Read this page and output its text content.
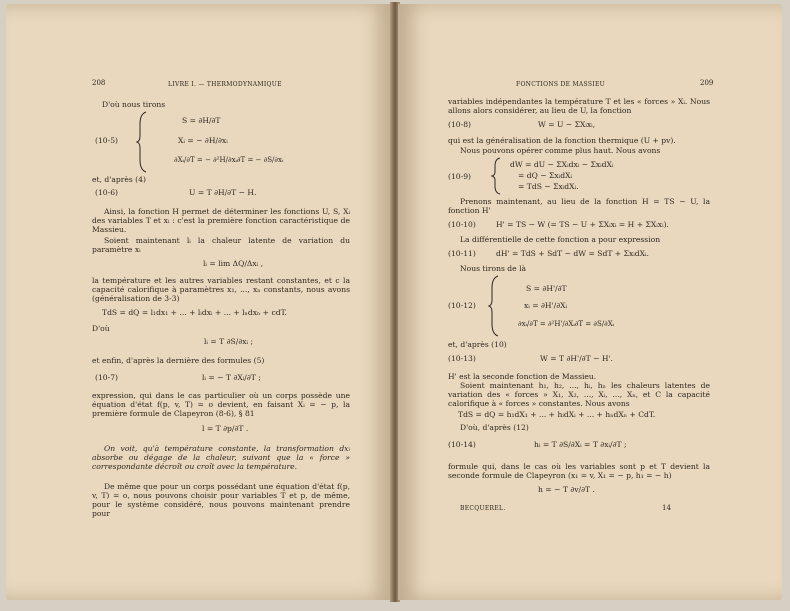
208	LIVRE I. — THERMODYNAMIQUE
D'où nous tirons
(10-5)
S = ∂H/∂T
Xᵢ = − ∂H/∂xᵢ
∂Xᵢ/∂T = − ∂²H/∂xᵢ∂T = − ∂S/∂xᵢ
et, d'après (4)
(10-6)	U = T ∂H/∂T − H.
Ainsi, la fonction H permet de déterminer les fonctions U, S, Xᵢ des variables T et xᵢ : c'est la première fonction caractéristique de Massieu.
Soient maintenant lᵢ la chaleur latente de variation du paramètre xᵢ
lᵢ = lim ΔQ/Δxᵢ ,
la température et les autres variables restant constantes, et c la capacité calorifique à paramètres x₁, ..., xₙ constants, nous avons (généralisation de 3-3)
TdS = dQ = l₁dx₁ + ... + lᵢdxᵢ + ... + lₙdxₙ + cdT.
D'où
lᵢ = T ∂S/∂xᵢ ;
et enfin, d'après la dernière des formules (5)
(10-7)	lᵢ = − T ∂Xᵢ/∂T ;
expression, qui dans le cas particulier où un corps possède une équation d'état f(p, v, T) = o devient, en faisant Xᵢ = − p, la première formule de Clapeyron (8-6), § 81
l = T ∂p/∂T .
On voit, qu'à température constante, la transformation dxᵢ absorbe ou dégage de la chaleur, suivant que la « force » correspondante décroît ou croît avec la température.
De même que pour un corps possédant une équation d'état f(p, v, T) = o, nous pouvons choisir pour variables T et p, de même, pour le système considéré, nous pouvons maintenant prendre pour
FONCTIONS DE MASSIEU	209
variables indépendantes la température T et les « forces » Xᵢ. Nous allons alors considérer, au lieu de U, la fonction
(10-8)	W = U − ΣXᵢxᵢ,
qui est la généralisation de la fonction thermique (U + pv).
Nous pouvons opérer comme plus haut. Nous avons
(10-9)
dW = dU − ΣXᵢdxᵢ − ΣxᵢdXᵢ
= dQ − ΣxᵢdXᵢ
= TdS − ΣxᵢdXᵢ.
Prenons maintenant, au lieu de la fonction H = TS − U, la fonction H'
(10-10)	H' = TS − W (= TS − U + ΣXᵢxᵢ = H + ΣXᵢxᵢ).
La différentielle de cette fonction a pour expression
(10-11)	dH' = TdS + SdT − dW = SdT + ΣxᵢdXᵢ.
Nous tirons de là
(10-12)
S = ∂H'/∂T
xᵢ = ∂H'/∂Xᵢ
∂xᵢ/∂T = ∂²H'/∂Xᵢ∂T = ∂S/∂Xᵢ
et, d'après (10)
(10-13)	W = T ∂H'/∂T − H'.
H' est la seconde fonction de Massieu.
Soient maintenant h₁, h₂, ..., hᵢ, hₙ les chaleurs latentes de variation des « forces » X₁, X₂, ..., Xᵢ, ..., Xₙ, et C la capacité calorifique à « forces » constantes. Nous avons
TdS = dQ = h₁dX₁ + ... + hᵢdXᵢ + ... + hₙdXₙ + CdT.
D'où, d'après (12)
(10-14)	hᵢ = T ∂S/∂Xᵢ = T ∂xᵢ/∂T ;
formule qui, dans le cas où les variables sont p et T devient la seconde formule de Clapeyron (x₁ = v, X₁ = − p, h₁ = − h)
h = − T ∂v/∂T .
BECQUEREL.	14
